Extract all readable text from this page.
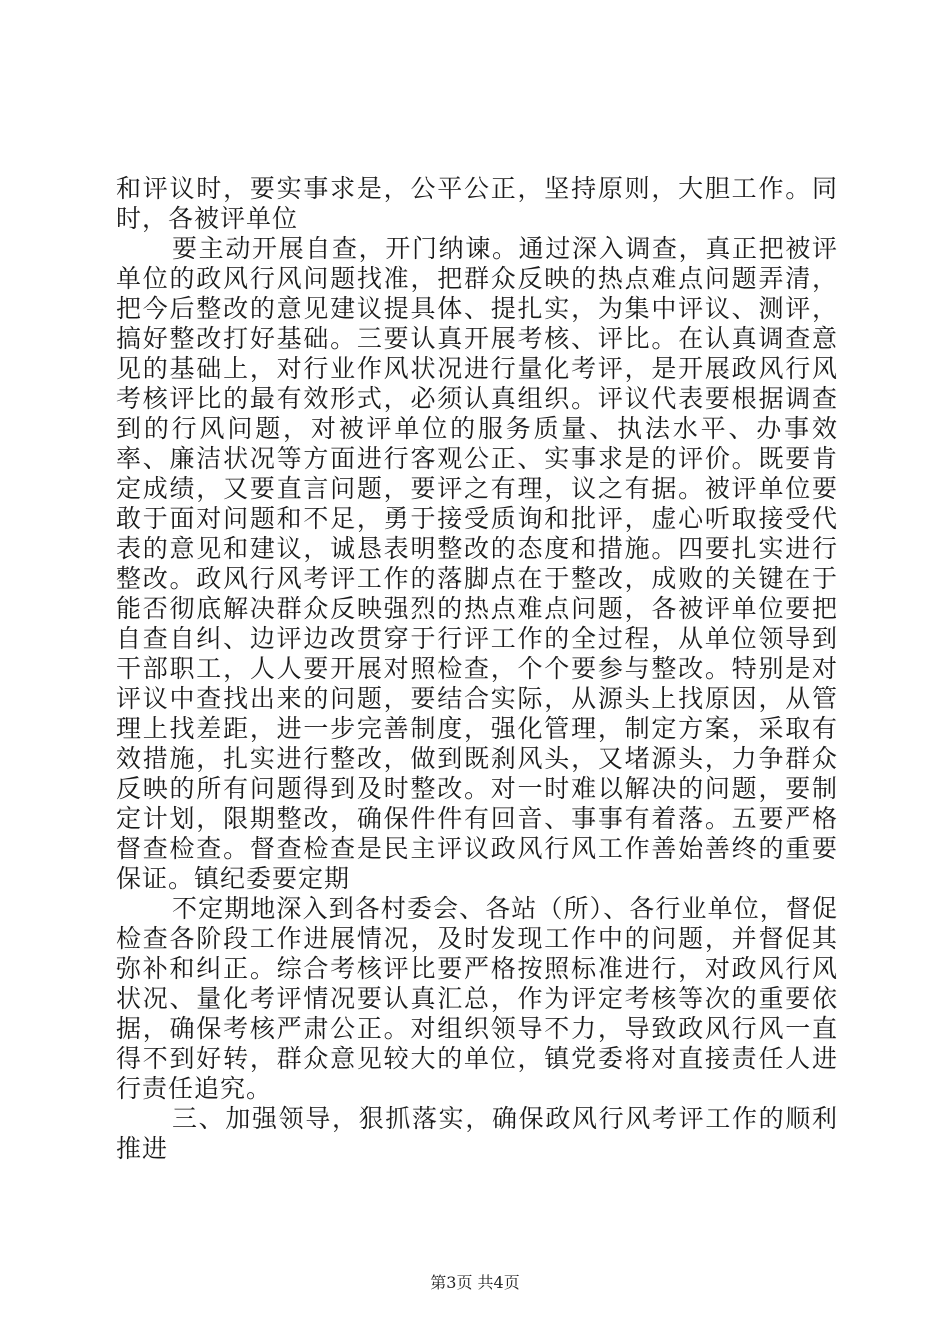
和评议时，要实事求是，公平公正，坚持原则，大胆工作。同时，各被评单位

要主动开展自查，开门纳谏。通过深入调查，真正把被评单位的政风行风问题找准，把群众反映的热点难点问题弄清，把今后整改的意见建议提具体、提扎实，为集中评议、测评，搞好整改打好基础。三要认真开展考核、评比。在认真调查意见的基础上，对行业作风状况进行量化考评，是开展政风行风考核评比的最有效形式，必须认真组织。评议代表要根据调查到的行风问题，对被评单位的服务质量、执法水平、办事效率、廉洁状况等方面进行客观公正、实事求是的评价。既要肯定成绩，又要直言问题，要评之有理，议之有据。被评单位要敢于面对问题和不足，勇于接受质询和批评，虚心听取接受代表的意见和建议，诚恳表明整改的态度和措施。四要扎实进行整改。政风行风考评工作的落脚点在于整改，成败的关键在于能否彻底解决群众反映强烈的热点难点问题，各被评单位要把自查自纠、边评边改贯穿于行评工作的全过程，从单位领导到干部职工，人人要开展对照检查，个个要参与整改。特别是对评议中查找出来的问题，要结合实际，从源头上找原因，从管理上找差距，进一步完善制度，强化管理，制定方案，采取有效措施，扎实进行整改，做到既刹风头，又堵源头，力争群众反映的所有问题得到及时整改。对一时难以解决的问题，要制定计划，限期整改，确保件件有回音、事事有着落。五要严格督查检查。督查检查是民主评议政风行风工作善始善终的重要保证。镇纪委要定期

不定期地深入到各村委会、各站（所）、各行业单位，督促检查各阶段工作进展情况，及时发现工作中的问题，并督促其弥补和纠正。综合考核评比要严格按照标准进行，对政风行风状况、量化考评情况要认真汇总，作为评定考核等次的重要依据，确保考核严肃公正。对组织领导不力，导致政风行风一直得不到好转，群众意见较大的单位，镇党委将对直接责任人进行责任追究。

三、加强领导，狠抓落实，确保政风行风考评工作的顺利推进

第3页 共4页
